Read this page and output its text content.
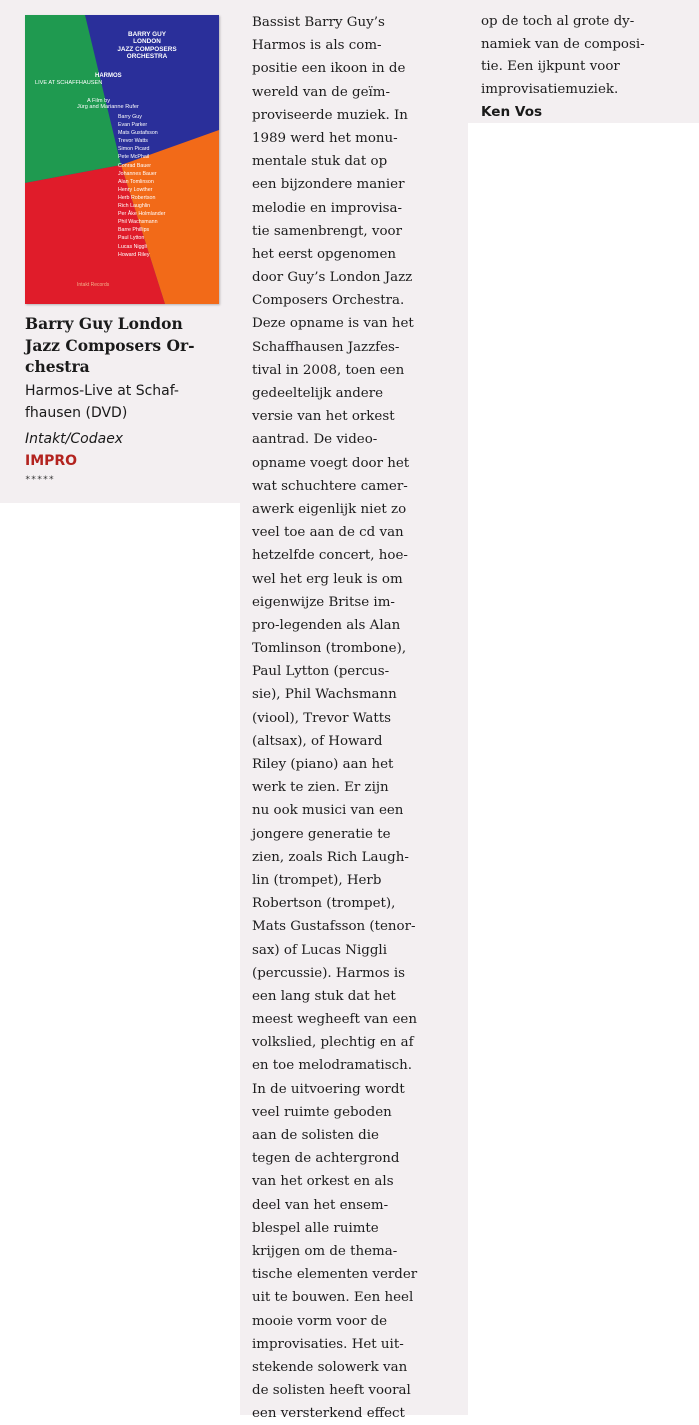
BARRY GUY
LONDON
JAZZ COMPOSERS
ORCHESTRA
HARMOS
LIVE AT SCHAFFHAUSEN
A Film by
Jürg and Marianne Rufer
Barry Guy
Evan Parker
Mats Gustafsson
Trevor Watts
Simon Picard
Pete McPhail
Conrad Bauer
Johannes Bauer
Alan Tomlinson
Henry Lowther
Herb Robertson
Rich Laughlin
Per Åke Holmlander
Phil Wachsmann
Barre Phillips
Paul Lytton
Lucas Niggli
Howard Riley
Intakt Records
Barry Guy London
Jazz Composers Or-
chestra
Harmos-Live at Schaf-
fhausen (DVD)
Intakt/Codaex
IMPRO
*****
Bassist Barry Guy’s
Harmos is als com-
positie een ikoon in de
wereld van de geïm-
proviseerde muziek. In
1989 werd het monu-
mentale stuk dat op
een bijzondere manier
melodie en improvisa-
tie samenbrengt, voor
het eerst opgenomen
door Guy’s London Jazz
Composers Orchestra.
Deze opname is van het
Schaffhausen Jazzfes-
tival in 2008, toen een
gedeeltelijk andere
versie van het orkest
aantrad. De video-
opname voegt door het
wat schuchtere camer-
awerk eigenlijk niet zo
veel toe aan de cd van
hetzelfde concert, hoe-
wel het erg leuk is om
eigenwijze Britse im-
pro-legenden als Alan
Tomlinson (trombone),
Paul Lytton (percus-
sie), Phil Wachsmann
(viool), Trevor Watts
(altsax), of Howard
Riley (piano) aan het
werk te zien. Er zijn
nu ook musici van een
jongere generatie te
zien, zoals Rich Laugh-
lin (trompet), Herb
Robertson (trompet),
Mats Gustafsson (tenor-
sax) of Lucas Niggli
(percussie). Harmos is
een lang stuk dat het
meest wegheeft van een
volkslied, plechtig en af
en toe melodramatisch.
In de uitvoering wordt
veel ruimte geboden
aan de solisten die
tegen de achtergrond
van het orkest en als
deel van het ensem-
blespel alle ruimte
krijgen om de thema-
tische elementen verder
uit te bouwen. Een heel
mooie vorm voor de
improvisaties. Het uit-
stekende solowerk van
de solisten heeft vooral
een versterkend effect
op de toch al grote dy-
namiek van de composi-
tie. Een ijkpunt voor
improvisatiemuziek.
Ken Vos
